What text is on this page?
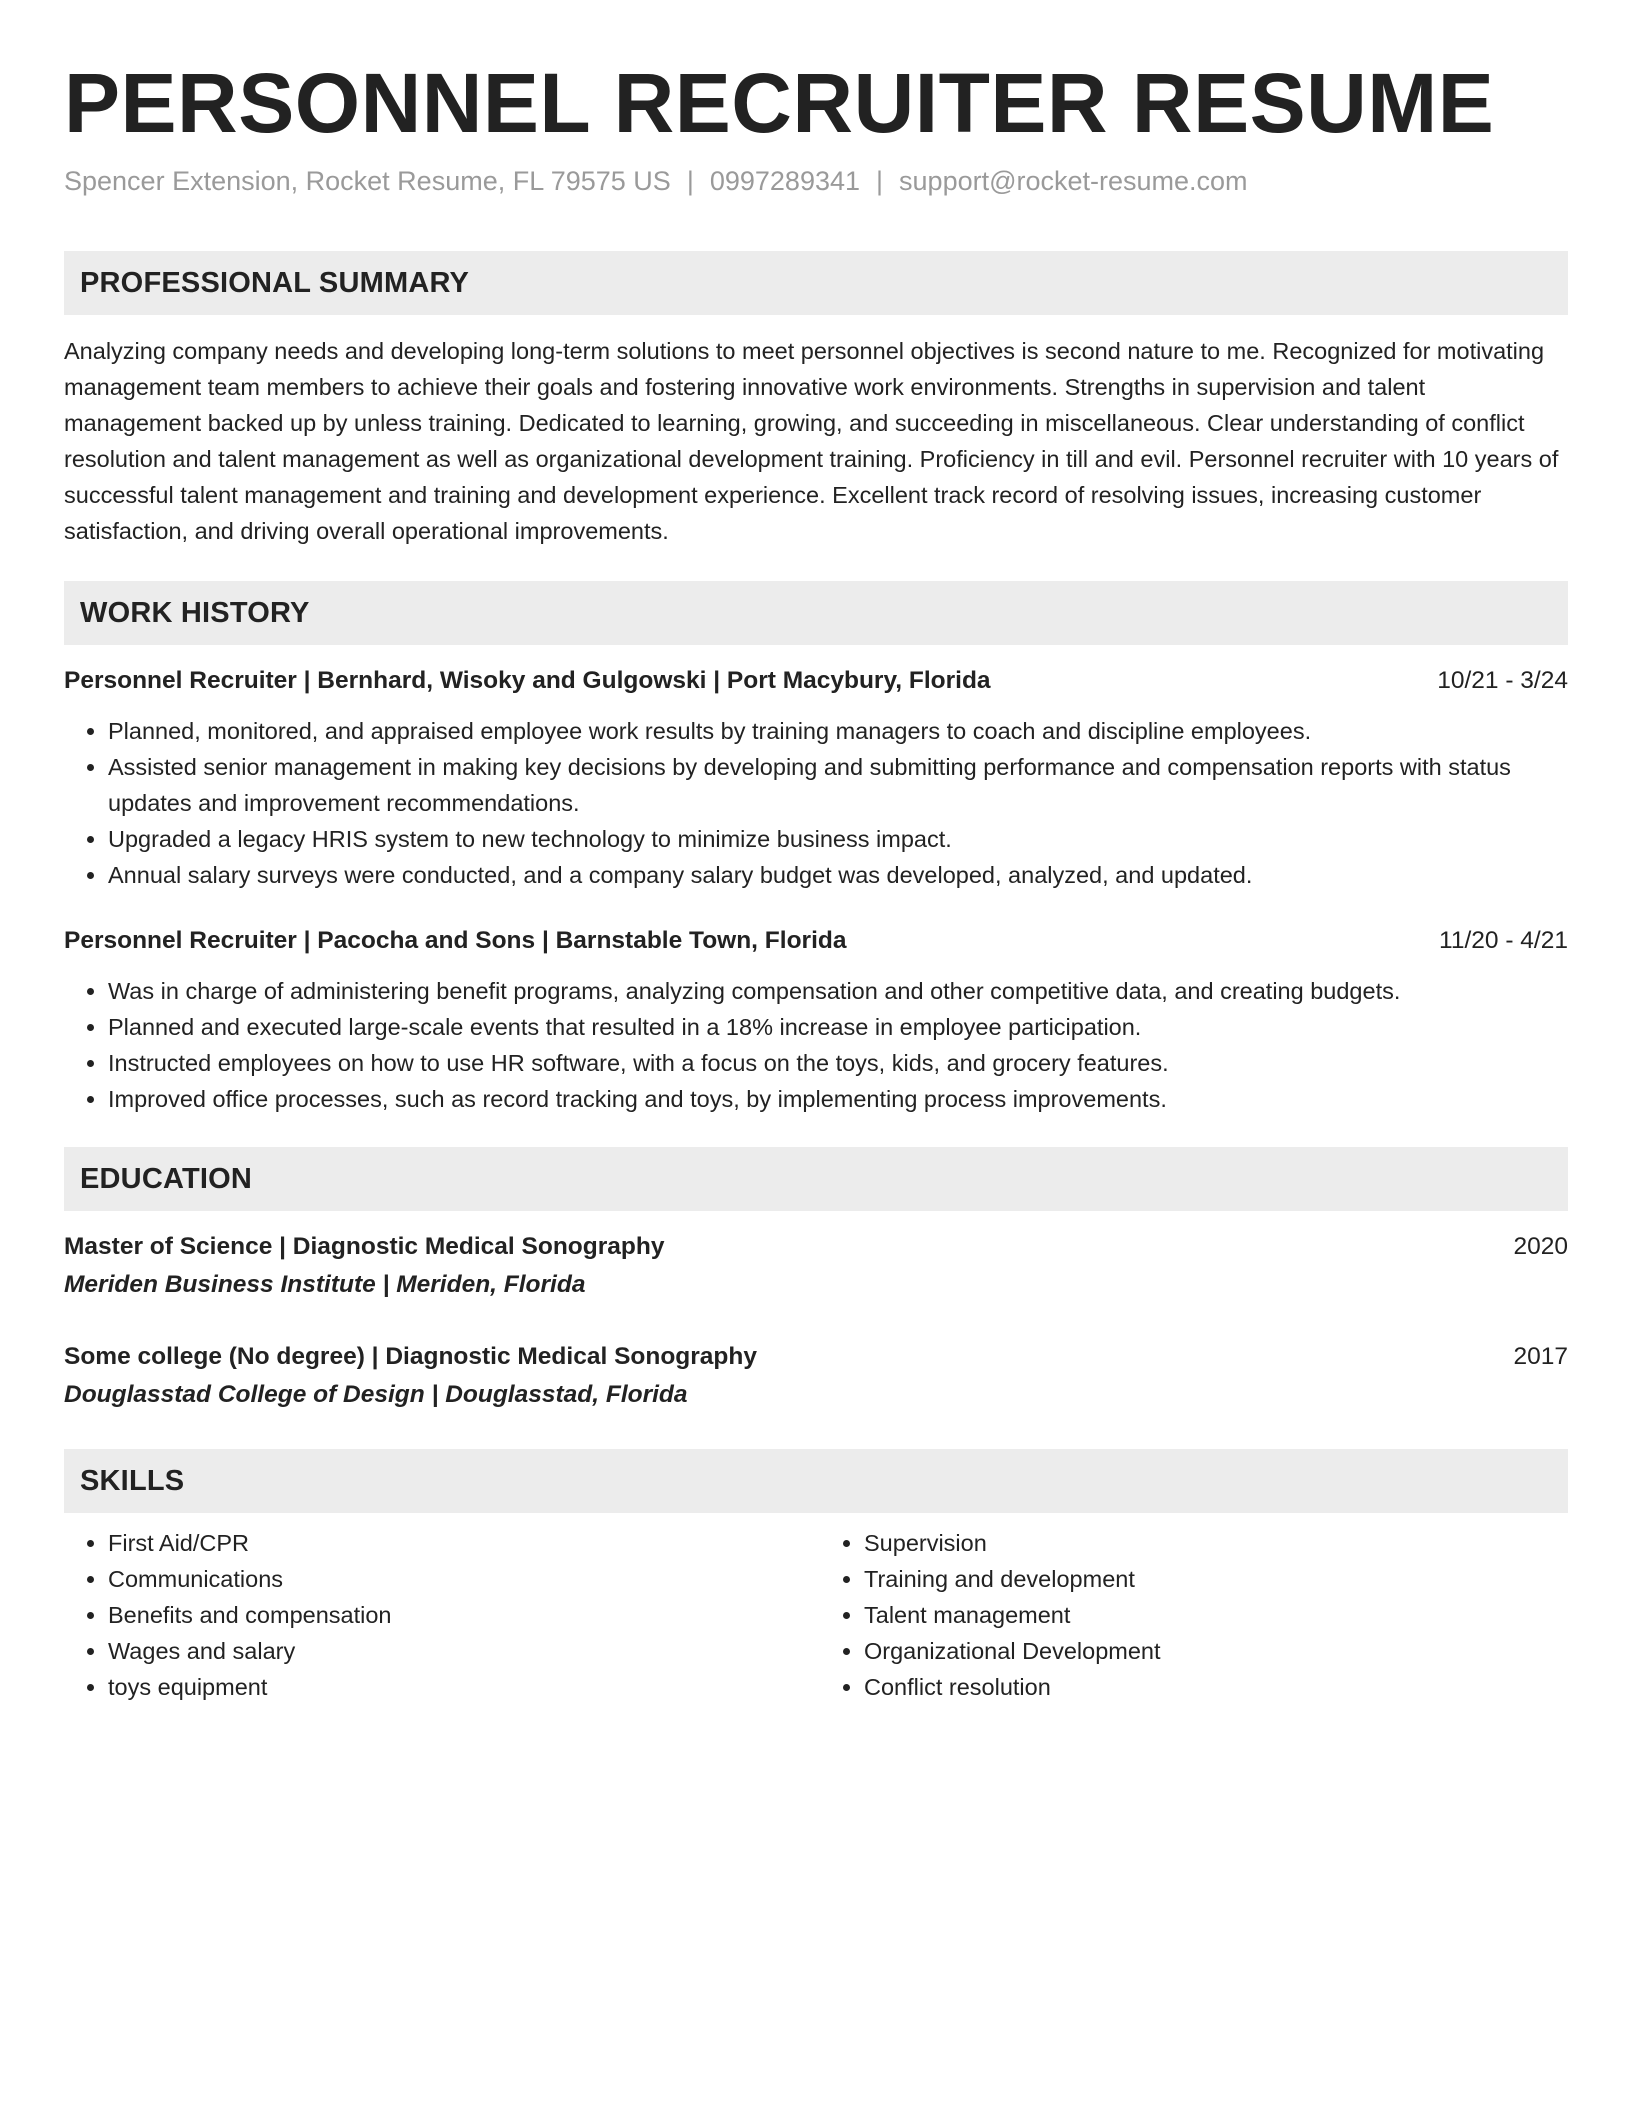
PERSONNEL RECRUITER RESUME
Spencer Extension, Rocket Resume, FL 79575 US | 0997289341 | support@rocket-resume.com
PROFESSIONAL SUMMARY
Analyzing company needs and developing long-term solutions to meet personnel objectives is second nature to me. Recognized for motivating management team members to achieve their goals and fostering innovative work environments. Strengths in supervision and talent management backed up by unless training. Dedicated to learning, growing, and succeeding in miscellaneous. Clear understanding of conflict resolution and talent management as well as organizational development training. Proficiency in till and evil. Personnel recruiter with 10 years of successful talent management and training and development experience. Excellent track record of resolving issues, increasing customer satisfaction, and driving overall operational improvements.
WORK HISTORY
Personnel Recruiter | Bernhard, Wisoky and Gulgowski | Port Macybury, Florida	10/21 - 3/24
• Planned, monitored, and appraised employee work results by training managers to coach and discipline employees.
• Assisted senior management in making key decisions by developing and submitting performance and compensation reports with status updates and improvement recommendations.
• Upgraded a legacy HRIS system to new technology to minimize business impact.
• Annual salary surveys were conducted, and a company salary budget was developed, analyzed, and updated.
Personnel Recruiter | Pacocha and Sons | Barnstable Town, Florida	11/20 - 4/21
• Was in charge of administering benefit programs, analyzing compensation and other competitive data, and creating budgets.
• Planned and executed large-scale events that resulted in a 18% increase in employee participation.
• Instructed employees on how to use HR software, with a focus on the toys, kids, and grocery features.
• Improved office processes, such as record tracking and toys, by implementing process improvements.
EDUCATION
Master of Science | Diagnostic Medical Sonography	2020
Meriden Business Institute | Meriden, Florida
Some college (No degree) | Diagnostic Medical Sonography	2017
Douglasstad College of Design | Douglasstad, Florida
SKILLS
• First Aid/CPR
• Communications
• Benefits and compensation
• Wages and salary
• toys equipment
• Supervision
• Training and development
• Talent management
• Organizational Development
• Conflict resolution
